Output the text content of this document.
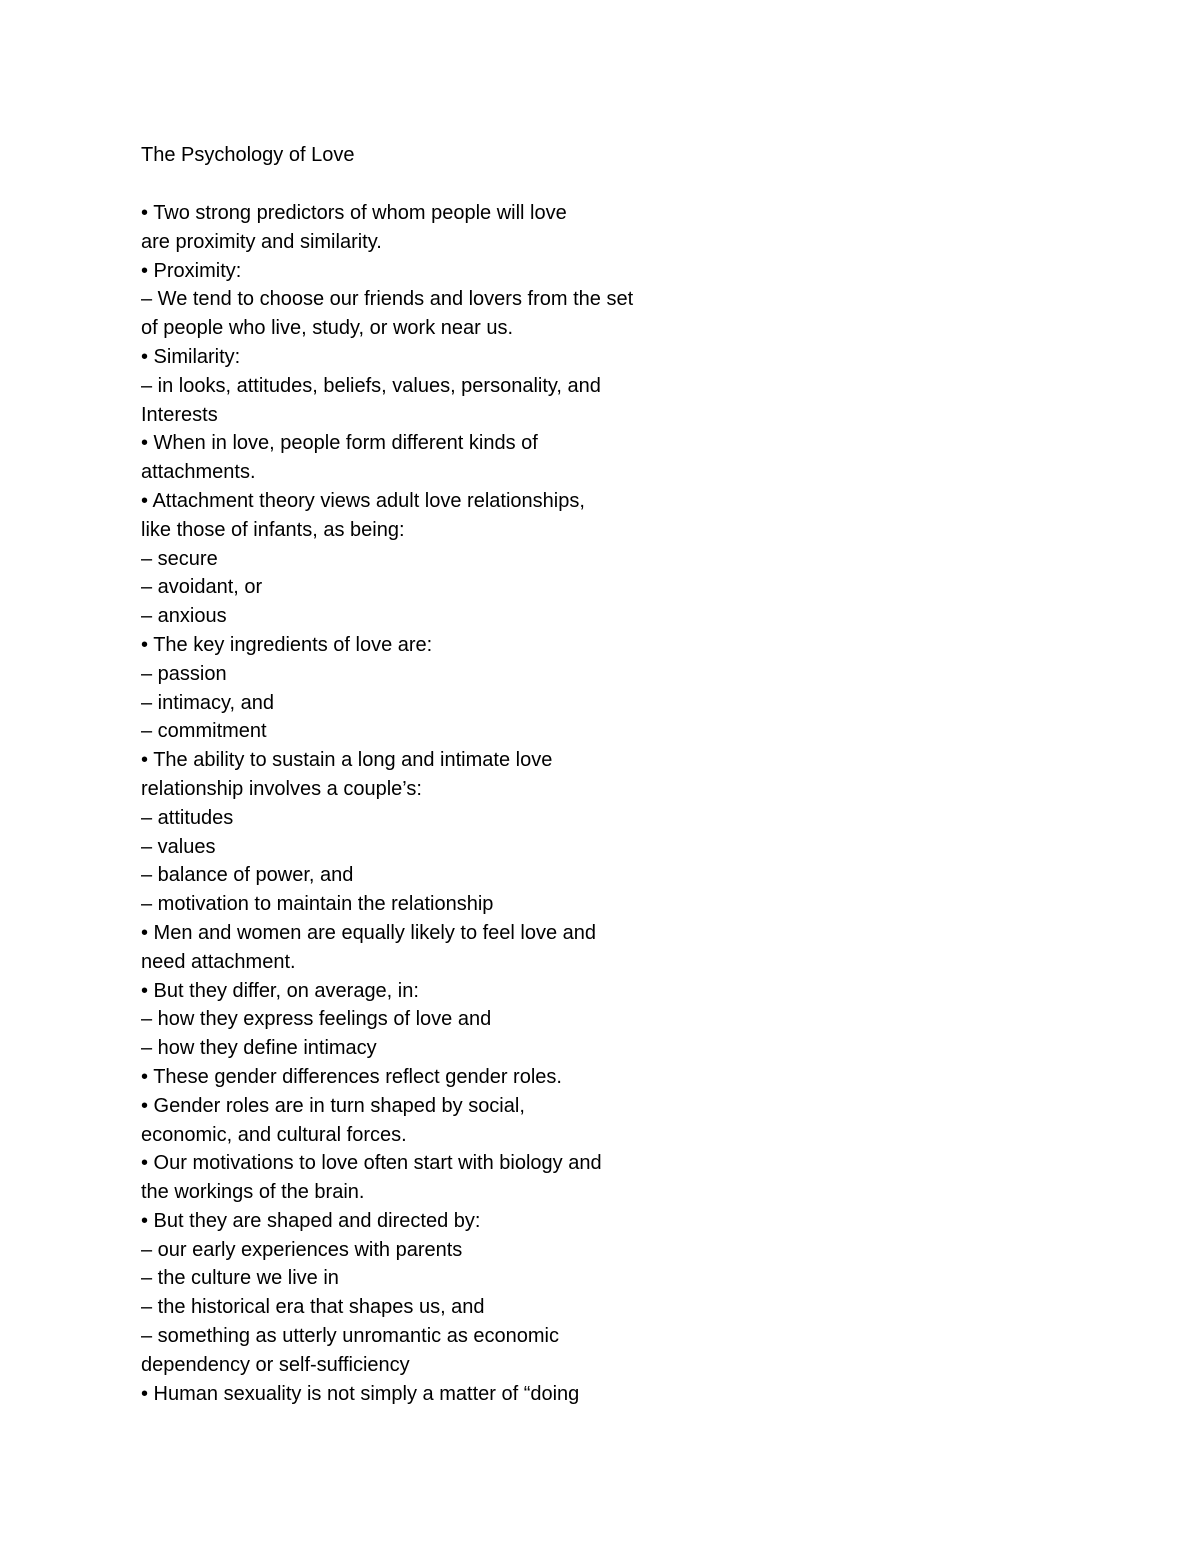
The Psychology of Love
• Two strong predictors of whom people will love
are proximity and similarity.
• Proximity:
– We tend to choose our friends and lovers from the set
of people who live, study, or work near us.
• Similarity:
– in looks, attitudes, beliefs, values, personality, and
Interests
• When in love, people form different kinds of
attachments.
• Attachment theory views adult love relationships,
like those of infants, as being:
– secure
– avoidant, or
– anxious
• The key ingredients of love are:
– passion
– intimacy, and
– commitment
• The ability to sustain a long and intimate love
relationship involves a couple’s:
– attitudes
– values
– balance of power, and
– motivation to maintain the relationship
• Men and women are equally likely to feel love and
need attachment.
• But they differ, on average, in:
– how they express feelings of love and
– how they define intimacy
• These gender differences reflect gender roles.
• Gender roles are in turn shaped by social,
economic, and cultural forces.
• Our motivations to love often start with biology and
the workings of the brain.
• But they are shaped and directed by:
– our early experiences with parents
– the culture we live in
– the historical era that shapes us, and
– something as utterly unromantic as economic
dependency or self-sufficiency
• Human sexuality is not simply a matter of “doing
